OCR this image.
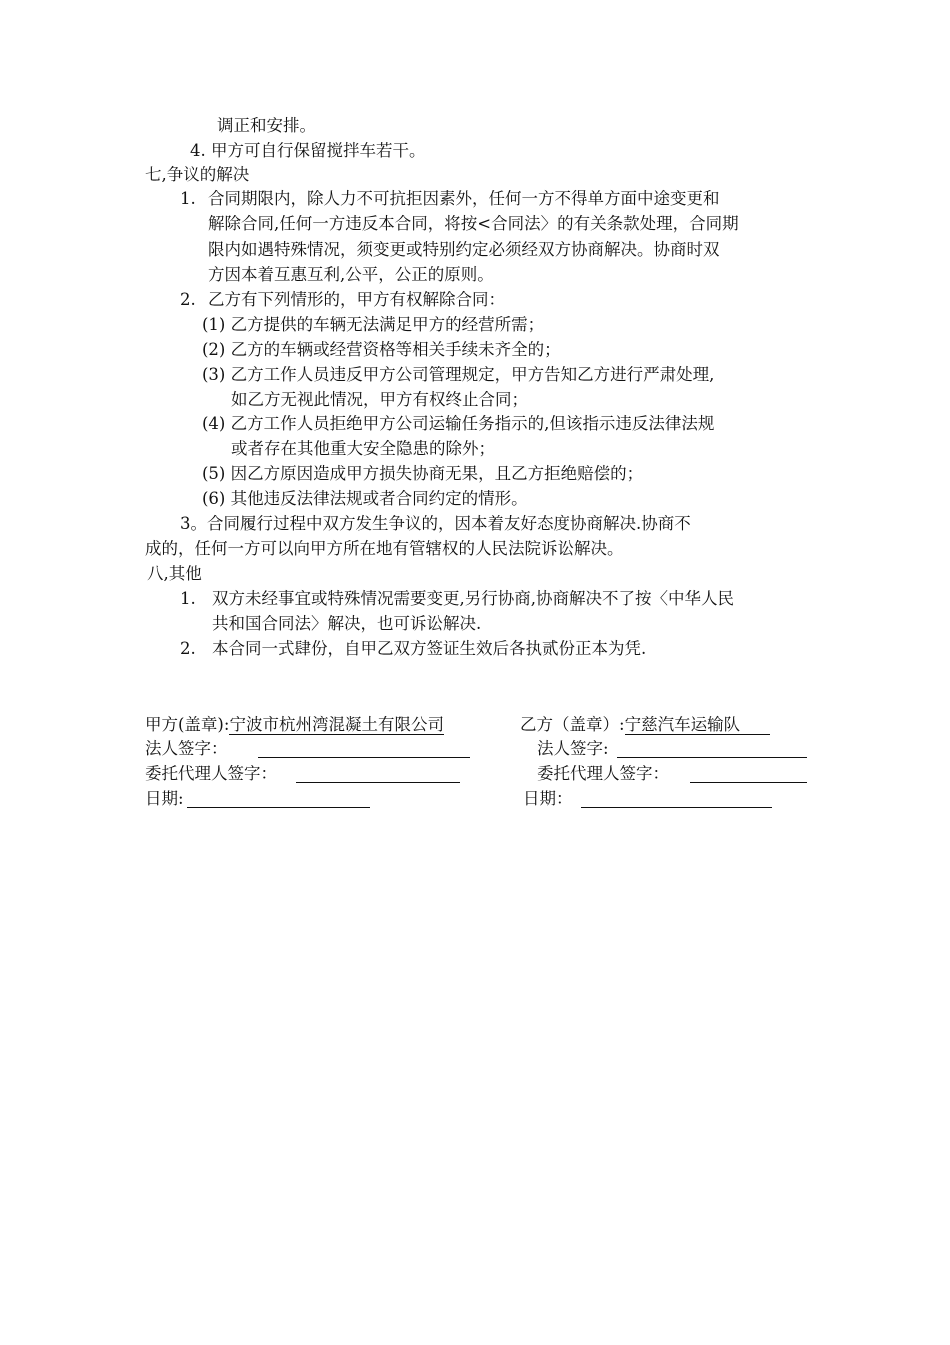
调正和安排。
4. 甲方可自行保留搅拌车若干。
七,争议的解决
1. 合同期限内，除人力不可抗拒因素外，任何一方不得单方面中途变更和
解除合同,任何一方违反本合同，将按<合同法〉的有关条款处理，合同期
限内如遇特殊情况，须变更或特别约定必须经双方协商解决。协商时双
方因本着互惠互利,公平，公正的原则。
2. 乙方有下列情形的，甲方有权解除合同：
(1) 乙方提供的车辆无法满足甲方的经营所需；
(2) 乙方的车辆或经营资格等相关手续未齐全的；
(3) 乙方工作人员违反甲方公司管理规定，甲方告知乙方进行严肃处理,
如乙方无视此情况，甲方有权终止合同；
(4) 乙方工作人员拒绝甲方公司运输任务指示的,但该指示违反法律法规
或者存在其他重大安全隐患的除外；
(5) 因乙方原因造成甲方损失协商无果，且乙方拒绝赔偿的；
(6) 其他违反法律法规或者合同约定的情形。
3。合同履行过程中双方发生争议的，因本着友好态度协商解决.协商不
成的，任何一方可以向甲方所在地有管辖权的人民法院诉讼解决。
八,其他
1. 双方未经事宜或特殊情况需要变更,另行协商,协商解决不了按〈中华人民
共和国合同法〉解决，也可诉讼解决.
2. 本合同一式肆份，自甲乙双方签证生效后各执贰份正本为凭.
甲方(盖章):宁波市杭州湾混凝土有限公司
法人签字：
委托代理人签字：
日期:
乙方（盖章）:宁慈汽车运输队
法人签字:
委托代理人签字：
日期：
